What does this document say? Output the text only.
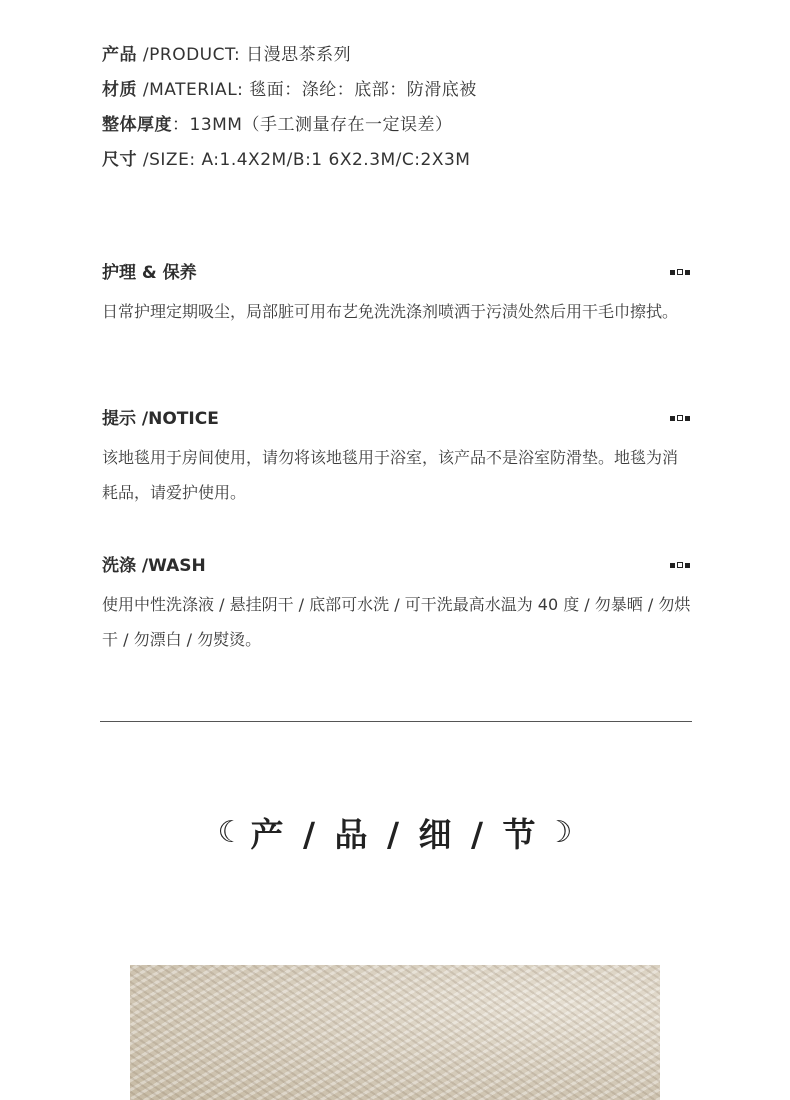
产品 /PRODUCT: 日漫思茶系列
材质 /MATERIAL: 毯面：涤纶：底部：防滑底被
整体厚度：13MM（手工测量存在一定误差）
尺寸 /SIZE: A:1.4X2M/B:1 6X2.3M/C:2X3M
护理 & 保养
日常护理定期吸尘，局部脏可用布艺免洗洗涤剂喷洒于污渍处然后用干毛巾擦拭。
提示 /NOTICE
该地毯用于房间使用，请勿将该地毯用于浴室，该产品不是浴室防滑垫。地毯为消耗品，请爱护使用。
洗涤 /WASH
使用中性洗涤液 / 悬挂阴干 / 底部可水洗 / 可干洗最高水温为 40 度 / 勿暴晒 / 勿烘干 / 勿漂白 / 勿熨烫。
☾ 产 / 品 / 细 / 节 ☽
